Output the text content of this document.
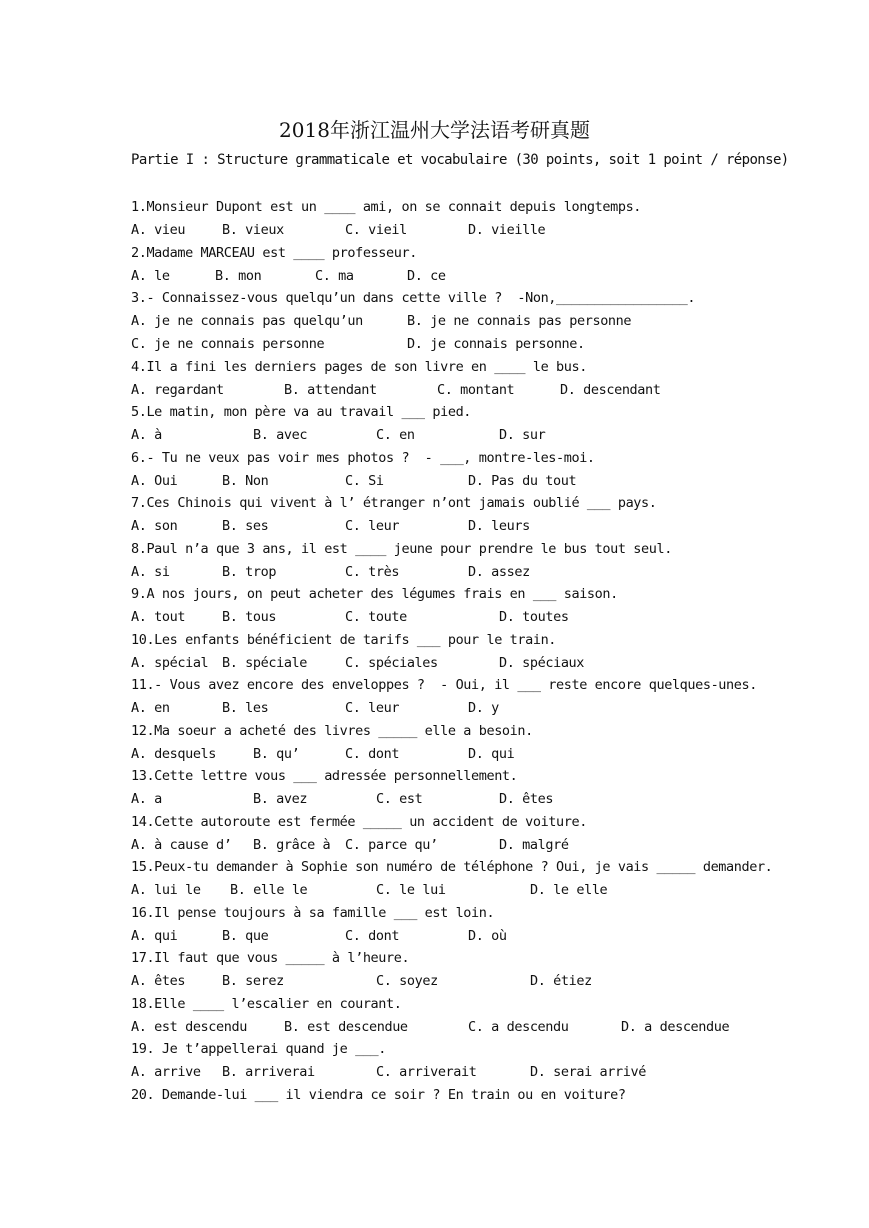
2018年浙江温州大学法语考研真题
Partie I : Structure grammaticale et vocabulaire (30 points, soit 1 point / réponse)
1.Monsieur Dupont est un ____ ami, on se connait depuis longtemps.
A. vieu	B. vieux	C. vieil	D. vieille
2.Madame MARCEAU est ____ professeur.
A. le	B. mon	C. ma	D. ce
3.- Connaissez-vous quelqu’un dans cette ville ?  -Non,_________________.
A. je ne connais pas quelqu’un	B. je ne connais pas personne
C. je ne connais personne	D. je connais personne.
4.Il a fini les derniers pages de son livre en ____ le bus.
A. regardant	B. attendant	C. montant	D. descendant
5.Le matin, mon père va au travail ___ pied.
A. à	B. avec	C. en	D. sur
6.- Tu ne veux pas voir mes photos ?  - ___, montre-les-moi.
A. Oui	B. Non	C. Si	D. Pas du tout
7.Ces Chinois qui vivent à l’ étranger n’ont jamais oublié ___ pays.
A. son	B. ses	C. leur	D. leurs
8.Paul n’a que 3 ans, il est ____ jeune pour prendre le bus tout seul.
A. si	B. trop	C. très	D. assez
9.A nos jours, on peut acheter des légumes frais en ___ saison.
A. tout	B. tous	C. toute	D. toutes
10.Les enfants bénéficient de tarifs ___ pour le train.
A. spécial B. spéciale	C. spéciales	D. spéciaux
11.- Vous avez encore des enveloppes ?  - Oui, il ___ reste encore quelques-unes.
A. en	B. les	C. leur	D. y
12.Ma soeur a acheté des livres _____ elle a besoin.
A. desquels	B. qu’	C. dont	D. qui
13.Cette lettre vous ___ adressée personnellement.
A. a	B. avez	C. est	D. êtes
14.Cette autoroute est fermée _____ un accident de voiture.
A. à cause d’ B. grâce à C. parce qu’	D. malgré
15.Peux-tu demander à Sophie son numéro de téléphone ? Oui, je vais _____ demander.
A. lui le B. elle le	C. le lui	D. le elle
16.Il pense toujours à sa famille ___ est loin.
A. qui	B. que	C. dont	D. où
17.Il faut que vous _____ à l’heure.
A. êtes	B. serez	C. soyez	D. étiez
18.Elle ____ l’escalier en courant.
A. est descendu	B. est descendue	C. a descendu	D. a descendue
19. Je t’appellerai quand je ___.
A. arrive B. arriverai	C. arriverait	D. serai arrivé
20. Demande-lui ___ il viendra ce soir ? En train ou en voiture?
